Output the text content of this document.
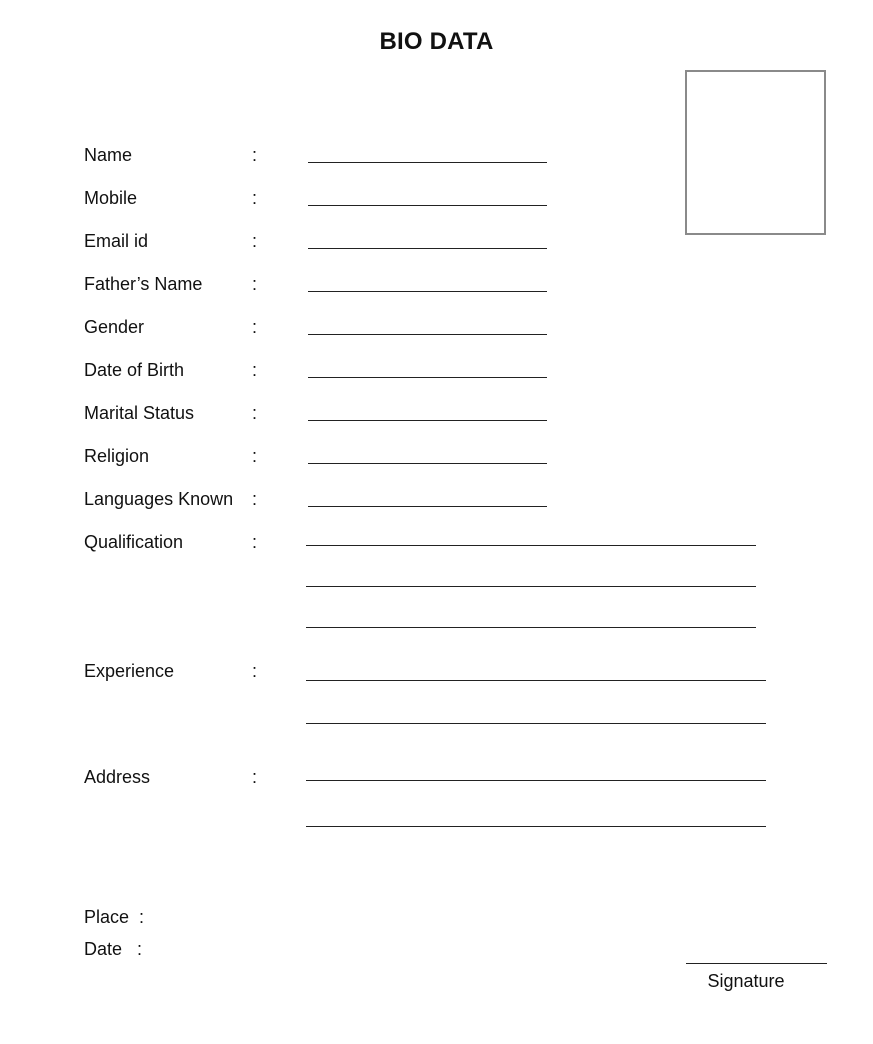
BIO DATA
Name	:
Mobile	:
Email id	:
Father’s Name	:
Gender	:
Date of Birth	:
Marital Status	:
Religion	:
Languages Known :
Qualification	:
Experience	:
Address	:
Place  :
Date   :
Signature
